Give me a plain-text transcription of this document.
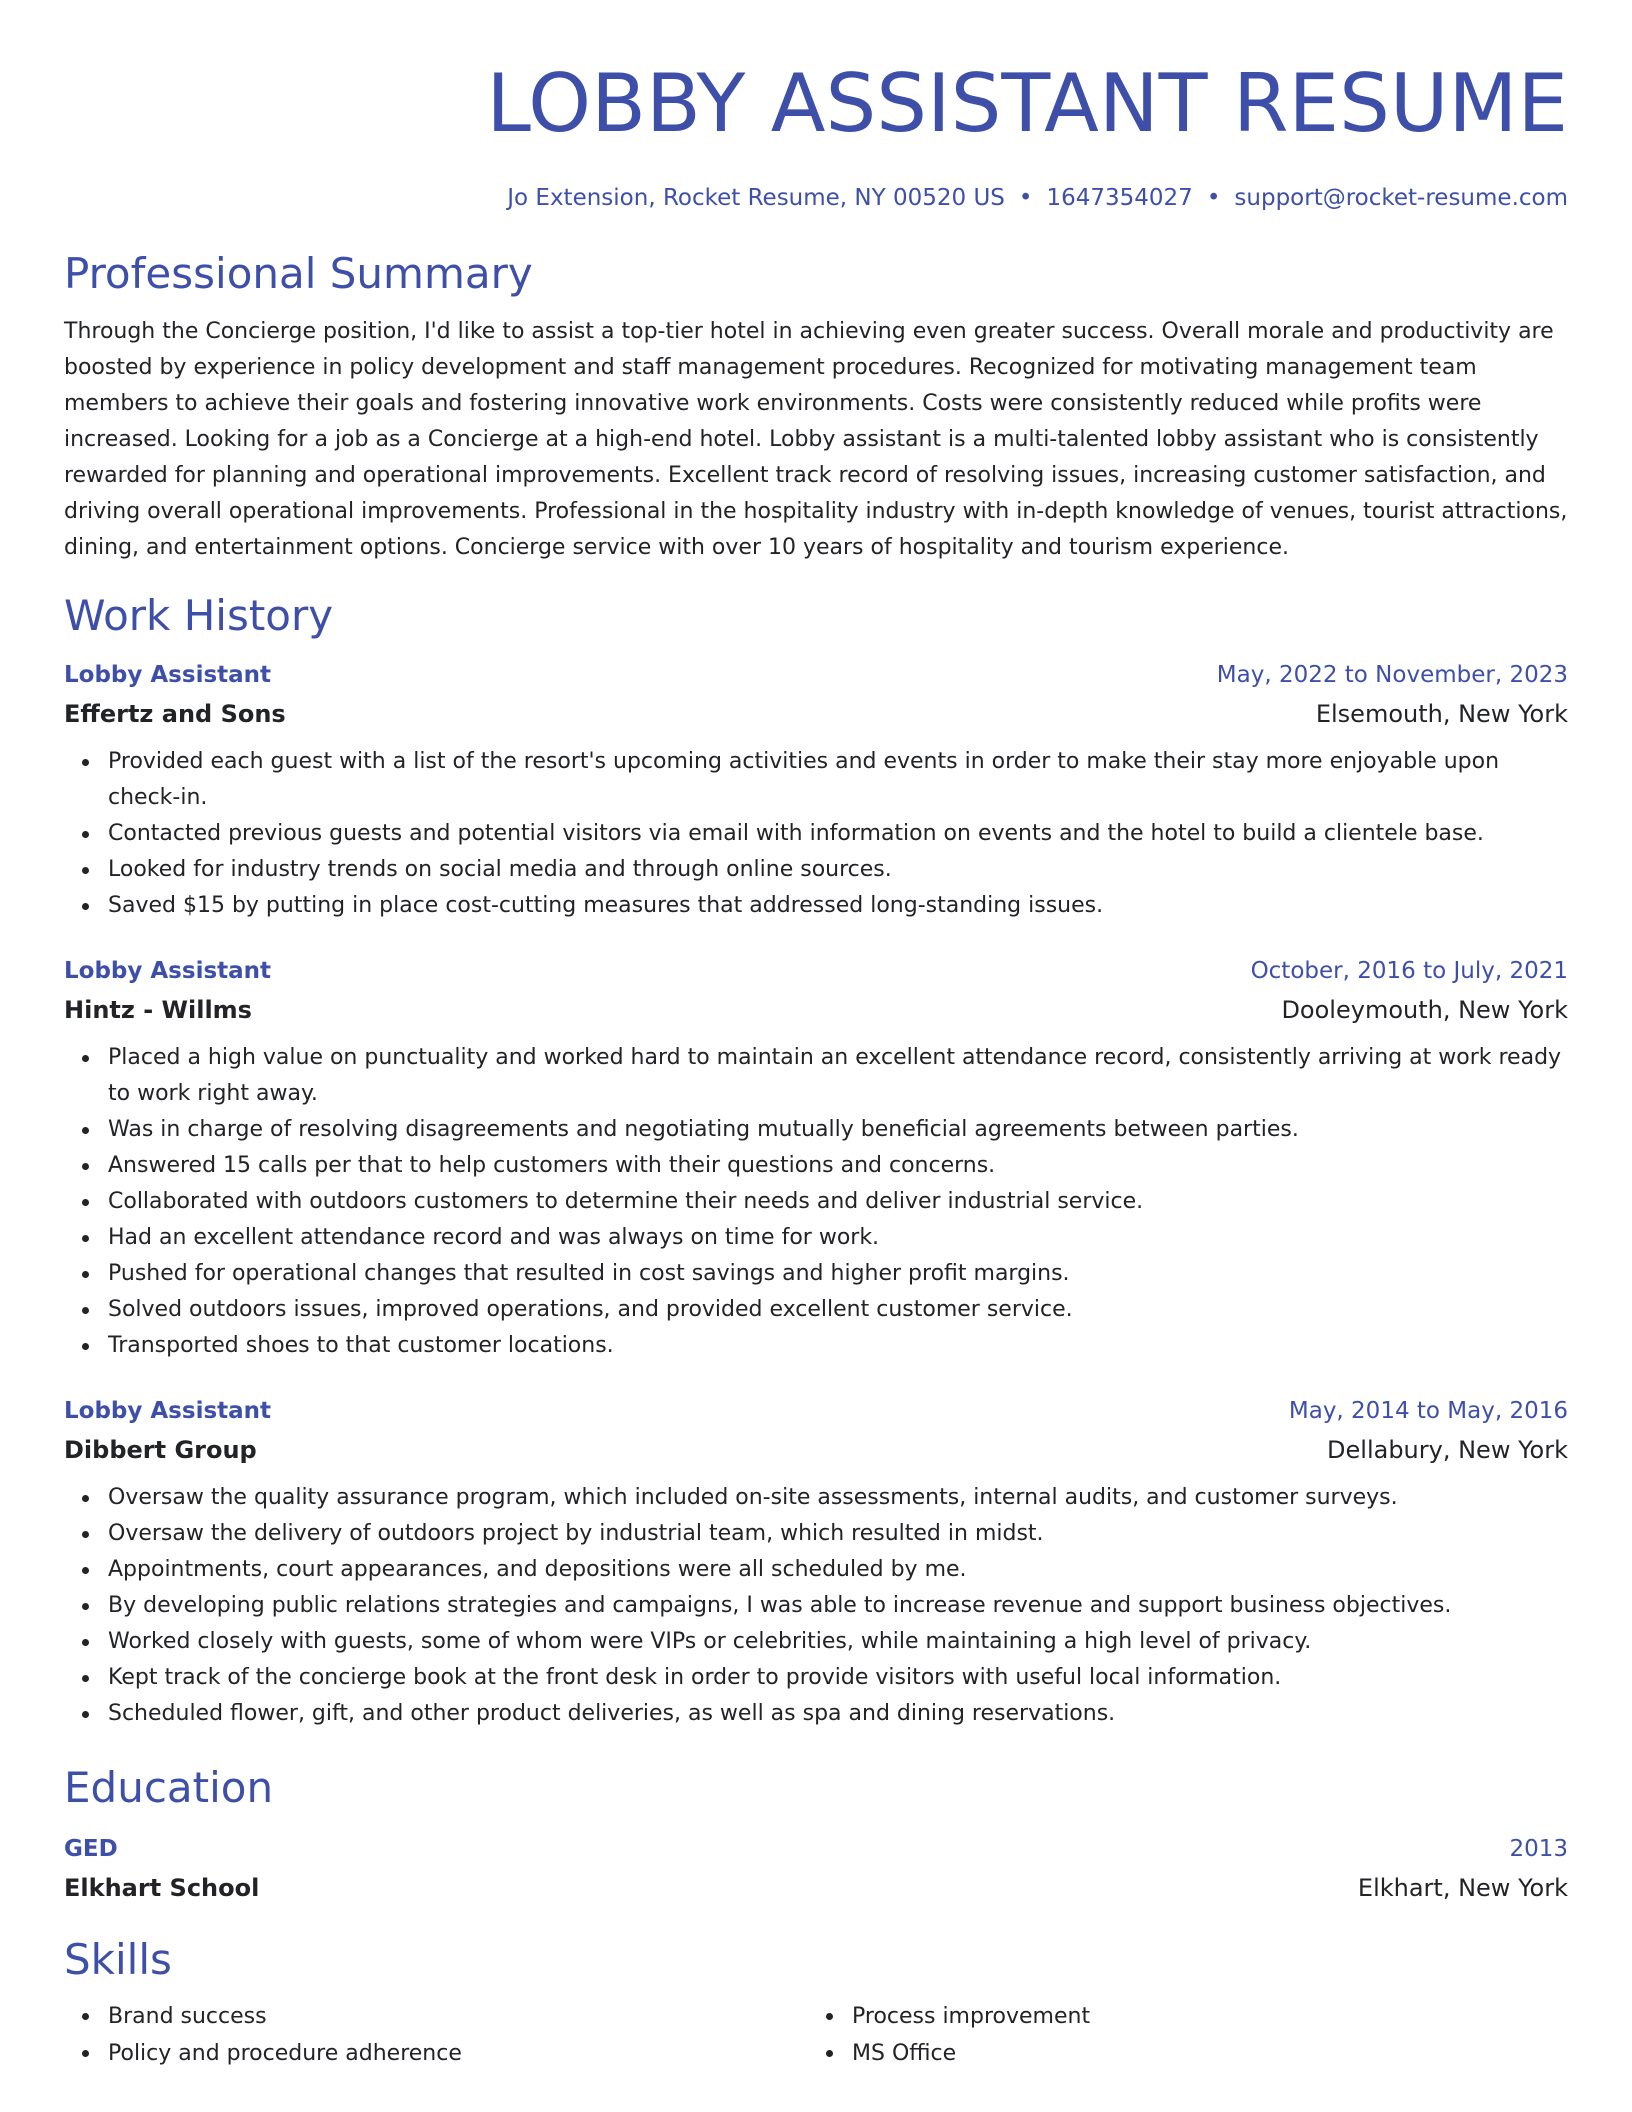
LOBBY ASSISTANT RESUME
Jo Extension, Rocket Resume, NY 00520 US • 1647354027 • support@rocket-resume.com
Professional Summary
Through the Concierge position, I'd like to assist a top-tier hotel in achieving even greater success. Overall morale and productivity are boosted by experience in policy development and staff management procedures. Recognized for motivating management team members to achieve their goals and fostering innovative work environments. Costs were consistently reduced while profits were increased. Looking for a job as a Concierge at a high-end hotel. Lobby assistant is a multi-talented lobby assistant who is consistently rewarded for planning and operational improvements. Excellent track record of resolving issues, increasing customer satisfaction, and driving overall operational improvements. Professional in the hospitality industry with in-depth knowledge of venues, tourist attractions, dining, and entertainment options. Concierge service with over 10 years of hospitality and tourism experience.
Work History
Lobby Assistant	May, 2022 to November, 2023
Effertz and Sons	Elsemouth, New York
Provided each guest with a list of the resort's upcoming activities and events in order to make their stay more enjoyable upon check-in.
Contacted previous guests and potential visitors via email with information on events and the hotel to build a clientele base.
Looked for industry trends on social media and through online sources.
Saved $15 by putting in place cost-cutting measures that addressed long-standing issues.
Lobby Assistant	October, 2016 to July, 2021
Hintz - Willms	Dooleymouth, New York
Placed a high value on punctuality and worked hard to maintain an excellent attendance record, consistently arriving at work ready to work right away.
Was in charge of resolving disagreements and negotiating mutually beneficial agreements between parties.
Answered 15 calls per that to help customers with their questions and concerns.
Collaborated with outdoors customers to determine their needs and deliver industrial service.
Had an excellent attendance record and was always on time for work.
Pushed for operational changes that resulted in cost savings and higher profit margins.
Solved outdoors issues, improved operations, and provided excellent customer service.
Transported shoes to that customer locations.
Lobby Assistant	May, 2014 to May, 2016
Dibbert Group	Dellabury, New York
Oversaw the quality assurance program, which included on-site assessments, internal audits, and customer surveys.
Oversaw the delivery of outdoors project by industrial team, which resulted in midst.
Appointments, court appearances, and depositions were all scheduled by me.
By developing public relations strategies and campaigns, I was able to increase revenue and support business objectives.
Worked closely with guests, some of whom were VIPs or celebrities, while maintaining a high level of privacy.
Kept track of the concierge book at the front desk in order to provide visitors with useful local information.
Scheduled flower, gift, and other product deliveries, as well as spa and dining reservations.
Education
GED	2013
Elkhart School	Elkhart, New York
Skills
Brand success
Policy and procedure adherence
Process improvement
MS Office
